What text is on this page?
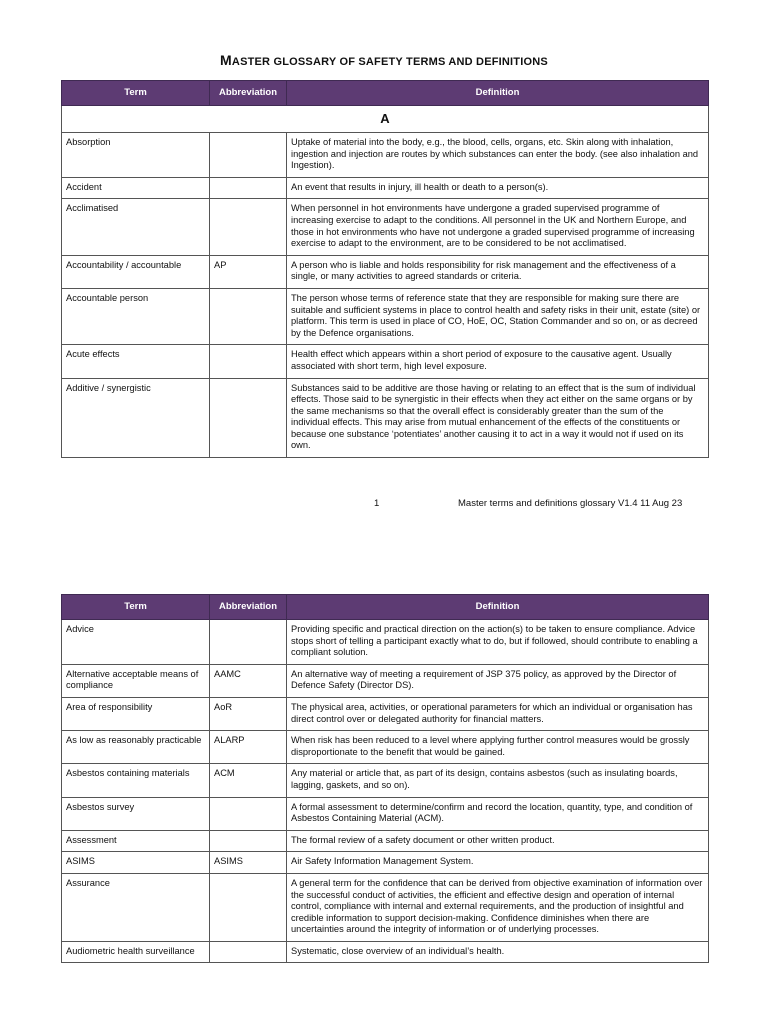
MASTER GLOSSARY OF SAFETY TERMS AND DEFINITIONS
Term	Abbreviation	Definition
A		
Absorption		Uptake of material into the body, e.g., the blood, cells, organs, etc. Skin along with inhalation, ingestion and injection are routes by which substances can enter the body. (see also inhalation and Ingestion).
Accident		An event that results in injury, ill health or death to a person(s).
Acclimatised		When personnel in hot environments have undergone a graded supervised programme of increasing exercise to adapt to the conditions. All personnel in the UK and Northern Europe, and those in hot environments who have not undergone a graded supervised programme of increasing exercise to adapt to the environment, are to be considered to be not acclimatised.
Accountability / accountable	AP	A person who is liable and holds responsibility for risk management and the effectiveness of a single, or many activities to agreed standards or criteria.
Accountable person		The person whose terms of reference state that they are responsible for making sure there are suitable and sufficient systems in place to control health and safety risks in their unit, estate (site) or platform. This term is used in place of CO, HoE, OC, Station Commander and so on, or as decreed by the Defence organisations.
Acute effects		Health effect which appears within a short period of exposure to the causative agent. Usually associated with short term, high level exposure.
Additive / synergistic		Substances said to be additive are those having or relating to an effect that is the sum of individual effects. Those said to be synergistic in their effects when they act either on the same organs or by the same mechanisms so that the overall effect is considerably greater than the sum of the individual effects. This may arise from mutual enhancement of the effects of the constituents or because one substance ‘potentiates’ another causing it to act in a way it would not if used on its own.
1	Master terms and definitions glossary V1.4 11 Aug 23
Term	Abbreviation	Definition
Advice		Providing specific and practical direction on the action(s) to be taken to ensure compliance. Advice stops short of telling a participant exactly what to do, but if followed, should contribute to enabling a compliant solution.
Alternative acceptable means of compliance	AAMC	An alternative way of meeting a requirement of JSP 375 policy, as approved by the Director of Defence Safety (Director DS).
Area of responsibility	AoR	The physical area, activities, or operational parameters for which an individual or organisation has direct control over or delegated authority for financial matters.
As low as reasonably practicable	ALARP	When risk has been reduced to a level where applying further control measures would be grossly disproportionate to the benefit that would be gained.
Asbestos containing materials	ACM	Any material or article that, as part of its design, contains asbestos (such as insulating boards, lagging, gaskets, and so on).
Asbestos survey		A formal assessment to determine/confirm and record the location, quantity, type, and condition of Asbestos Containing Material (ACM).
Assessment		The formal review of a safety document or other written product.
ASIMS	ASIMS	Air Safety Information Management System.
Assurance		A general term for the confidence that can be derived from objective examination of information over the successful conduct of activities, the efficient and effective design and operation of internal control, compliance with internal and external requirements, and the production of insightful and credible information to support decision-making. Confidence diminishes when there are uncertainties around the integrity of information or of underlying processes.
Audiometric health surveillance		Systematic, close overview of an individual’s health.
